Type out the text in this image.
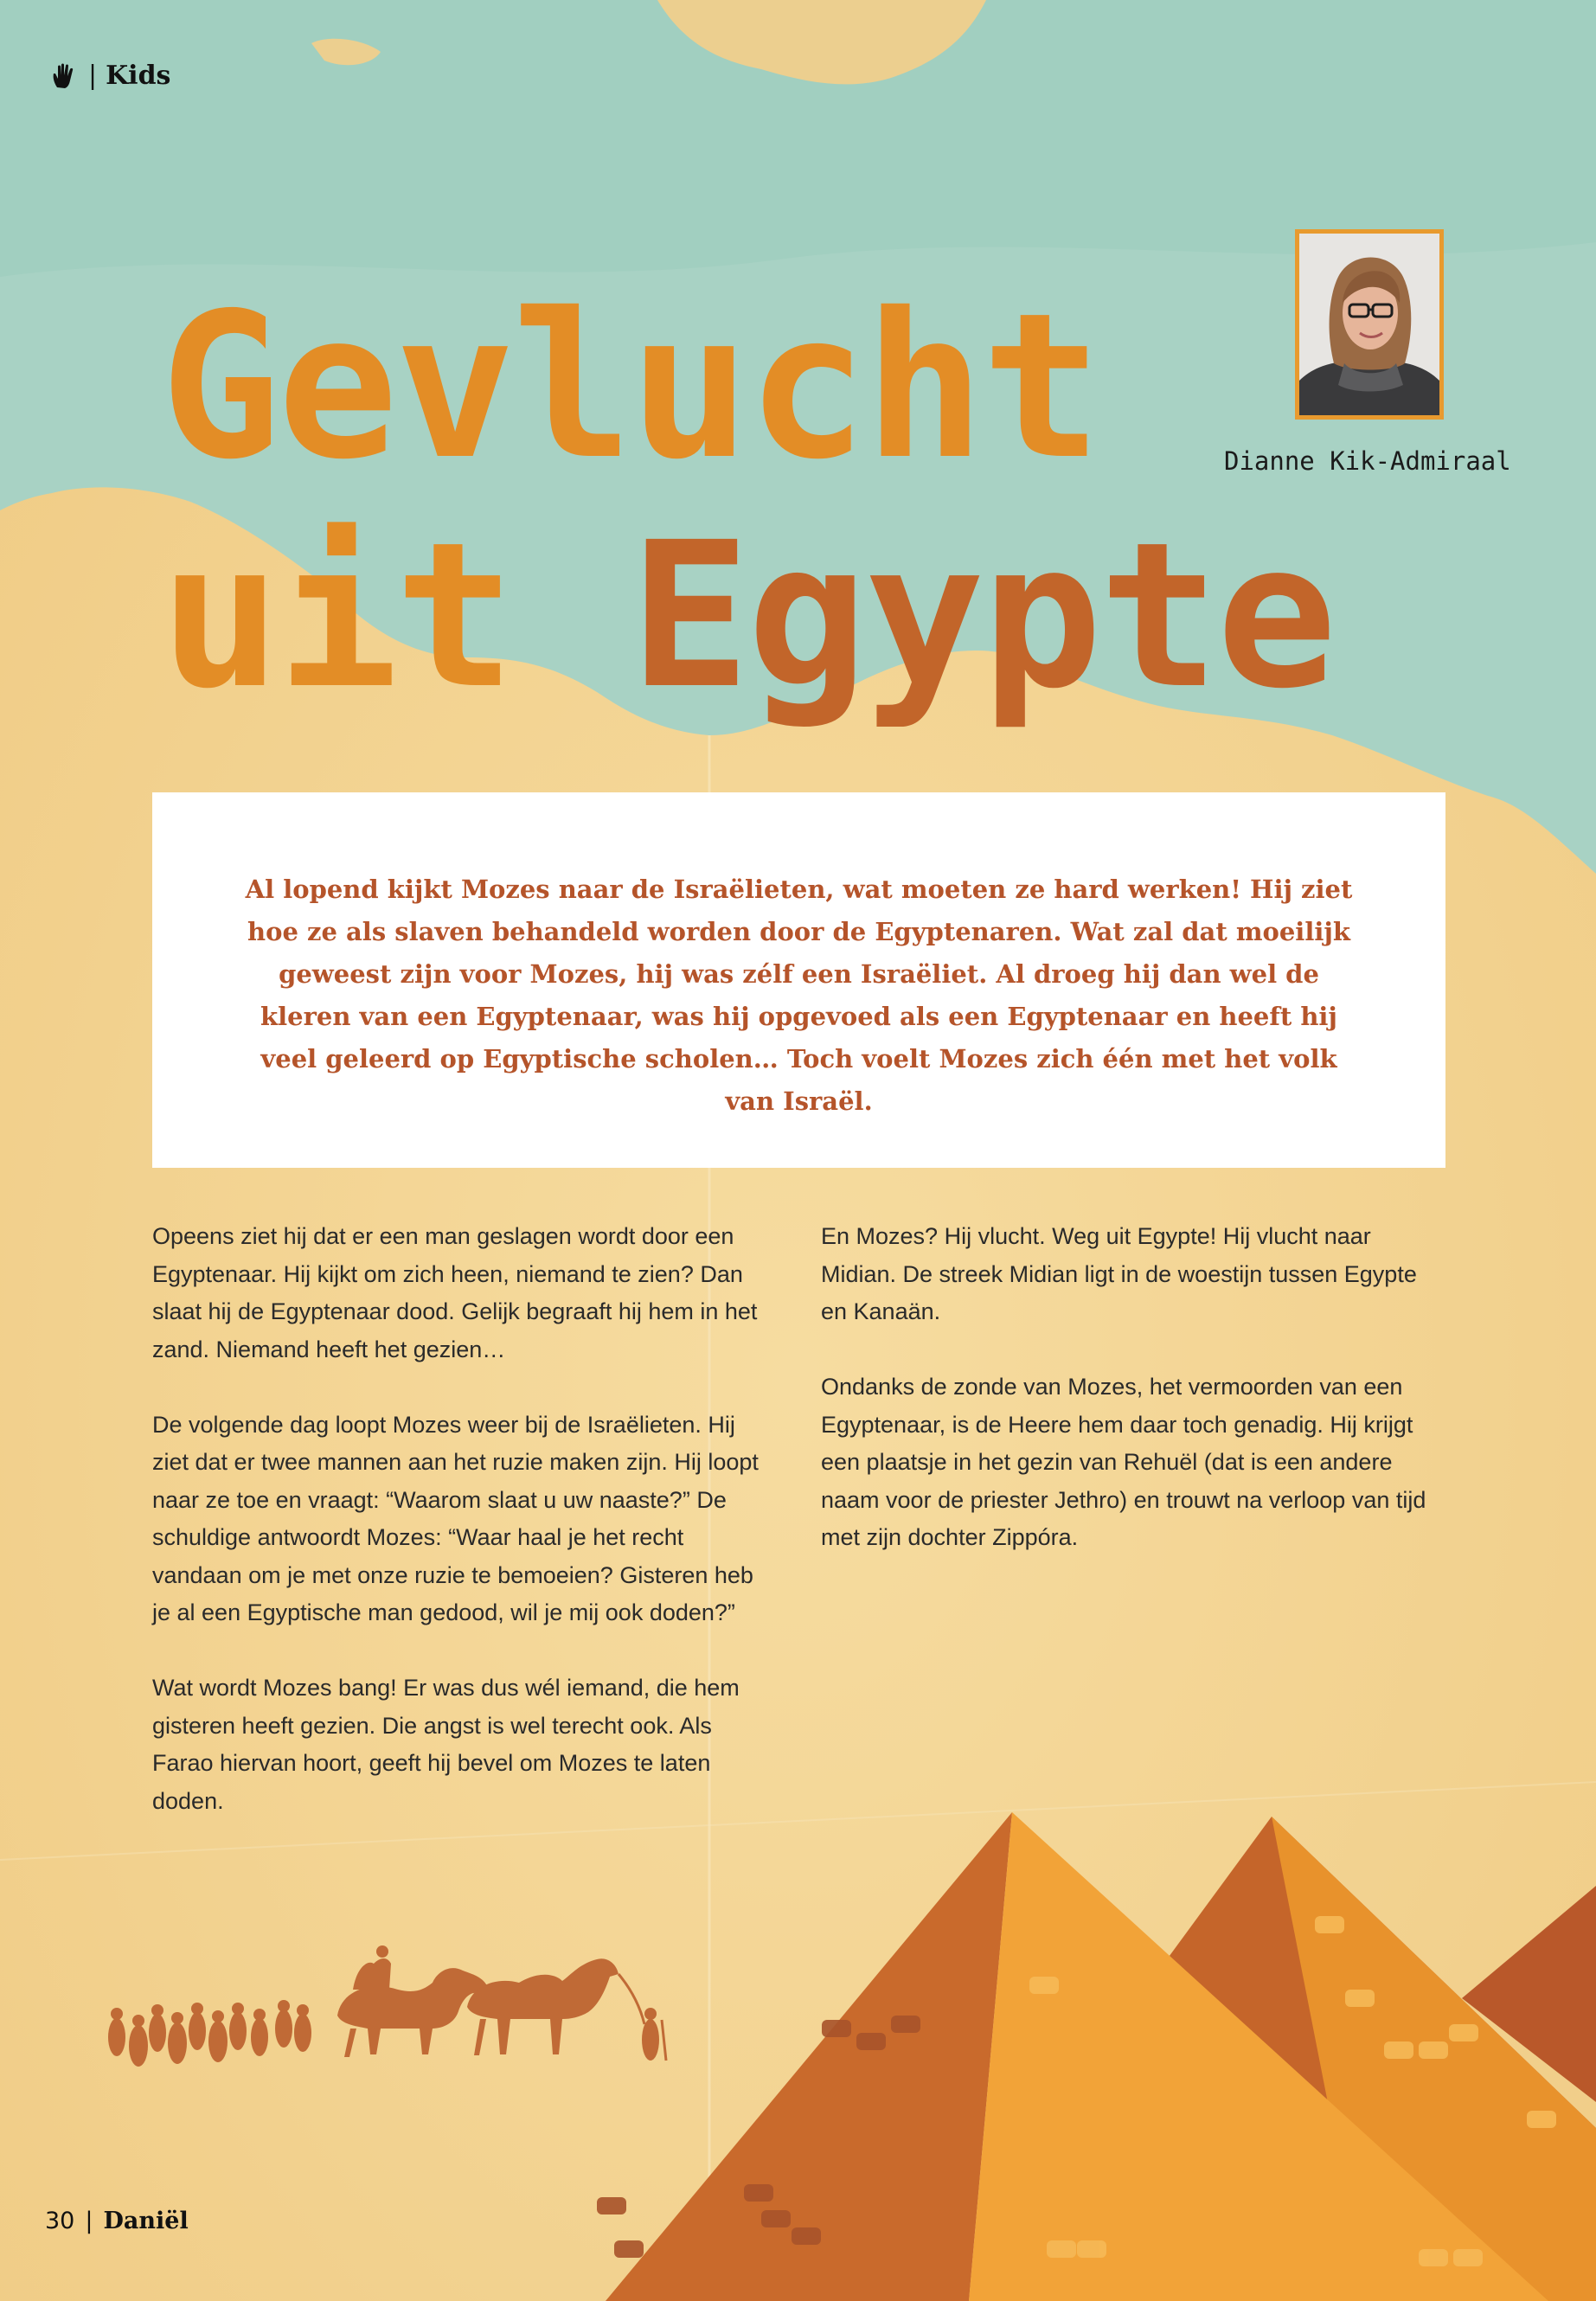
| Kids
Gevlucht
uit Egypte
Dianne Kik-Admiraal

Al lopend kijkt Mozes naar de Israëlieten, wat moeten ze hard werken! Hij ziet hoe ze als slaven behandeld worden door de Egyptenaren. Wat zal dat moeilijk geweest zijn voor Mozes, hij was zélf een Israëliet. Al droeg hij dan wel de kleren van een Egyptenaar, was hij opgevoed als een Egyptenaar en heeft hij veel geleerd op Egyptische scholen… Toch voelt Mozes zich één met het volk van Israël.

Opeens ziet hij dat er een man geslagen wordt door een Egyptenaar. Hij kijkt om zich heen, niemand te zien? Dan slaat hij de Egyptenaar dood. Gelijk begraaft hij hem in het zand. Niemand heeft het gezien…

De volgende dag loopt Mozes weer bij de Israëlieten. Hij ziet dat er twee mannen aan het ruzie maken zijn. Hij loopt naar ze toe en vraagt: “Waarom slaat u uw naaste?” De schuldige antwoordt Mozes: “Waar haal je het recht vandaan om je met onze ruzie te bemoeien? Gisteren heb je al een Egyptische man gedood, wil je mij ook doden?”

Wat wordt Mozes bang! Er was dus wél iemand, die hem gisteren heeft gezien. Die angst is wel terecht ook. Als Farao hiervan hoort, geeft hij bevel om Mozes te laten doden.

En Mozes? Hij vlucht. Weg uit Egypte! Hij vlucht naar Midian. De streek Midian ligt in de woestijn tussen Egypte en Kanaän.

Ondanks de zonde van Mozes, het vermoorden van een Egyptenaar, is de Heere hem daar toch genadig. Hij krijgt een plaatsje in het gezin van Rehuël (dat is een andere naam voor de priester Jethro) en trouwt na verloop van tijd met zijn dochter Zippóra.

30 | Daniël
